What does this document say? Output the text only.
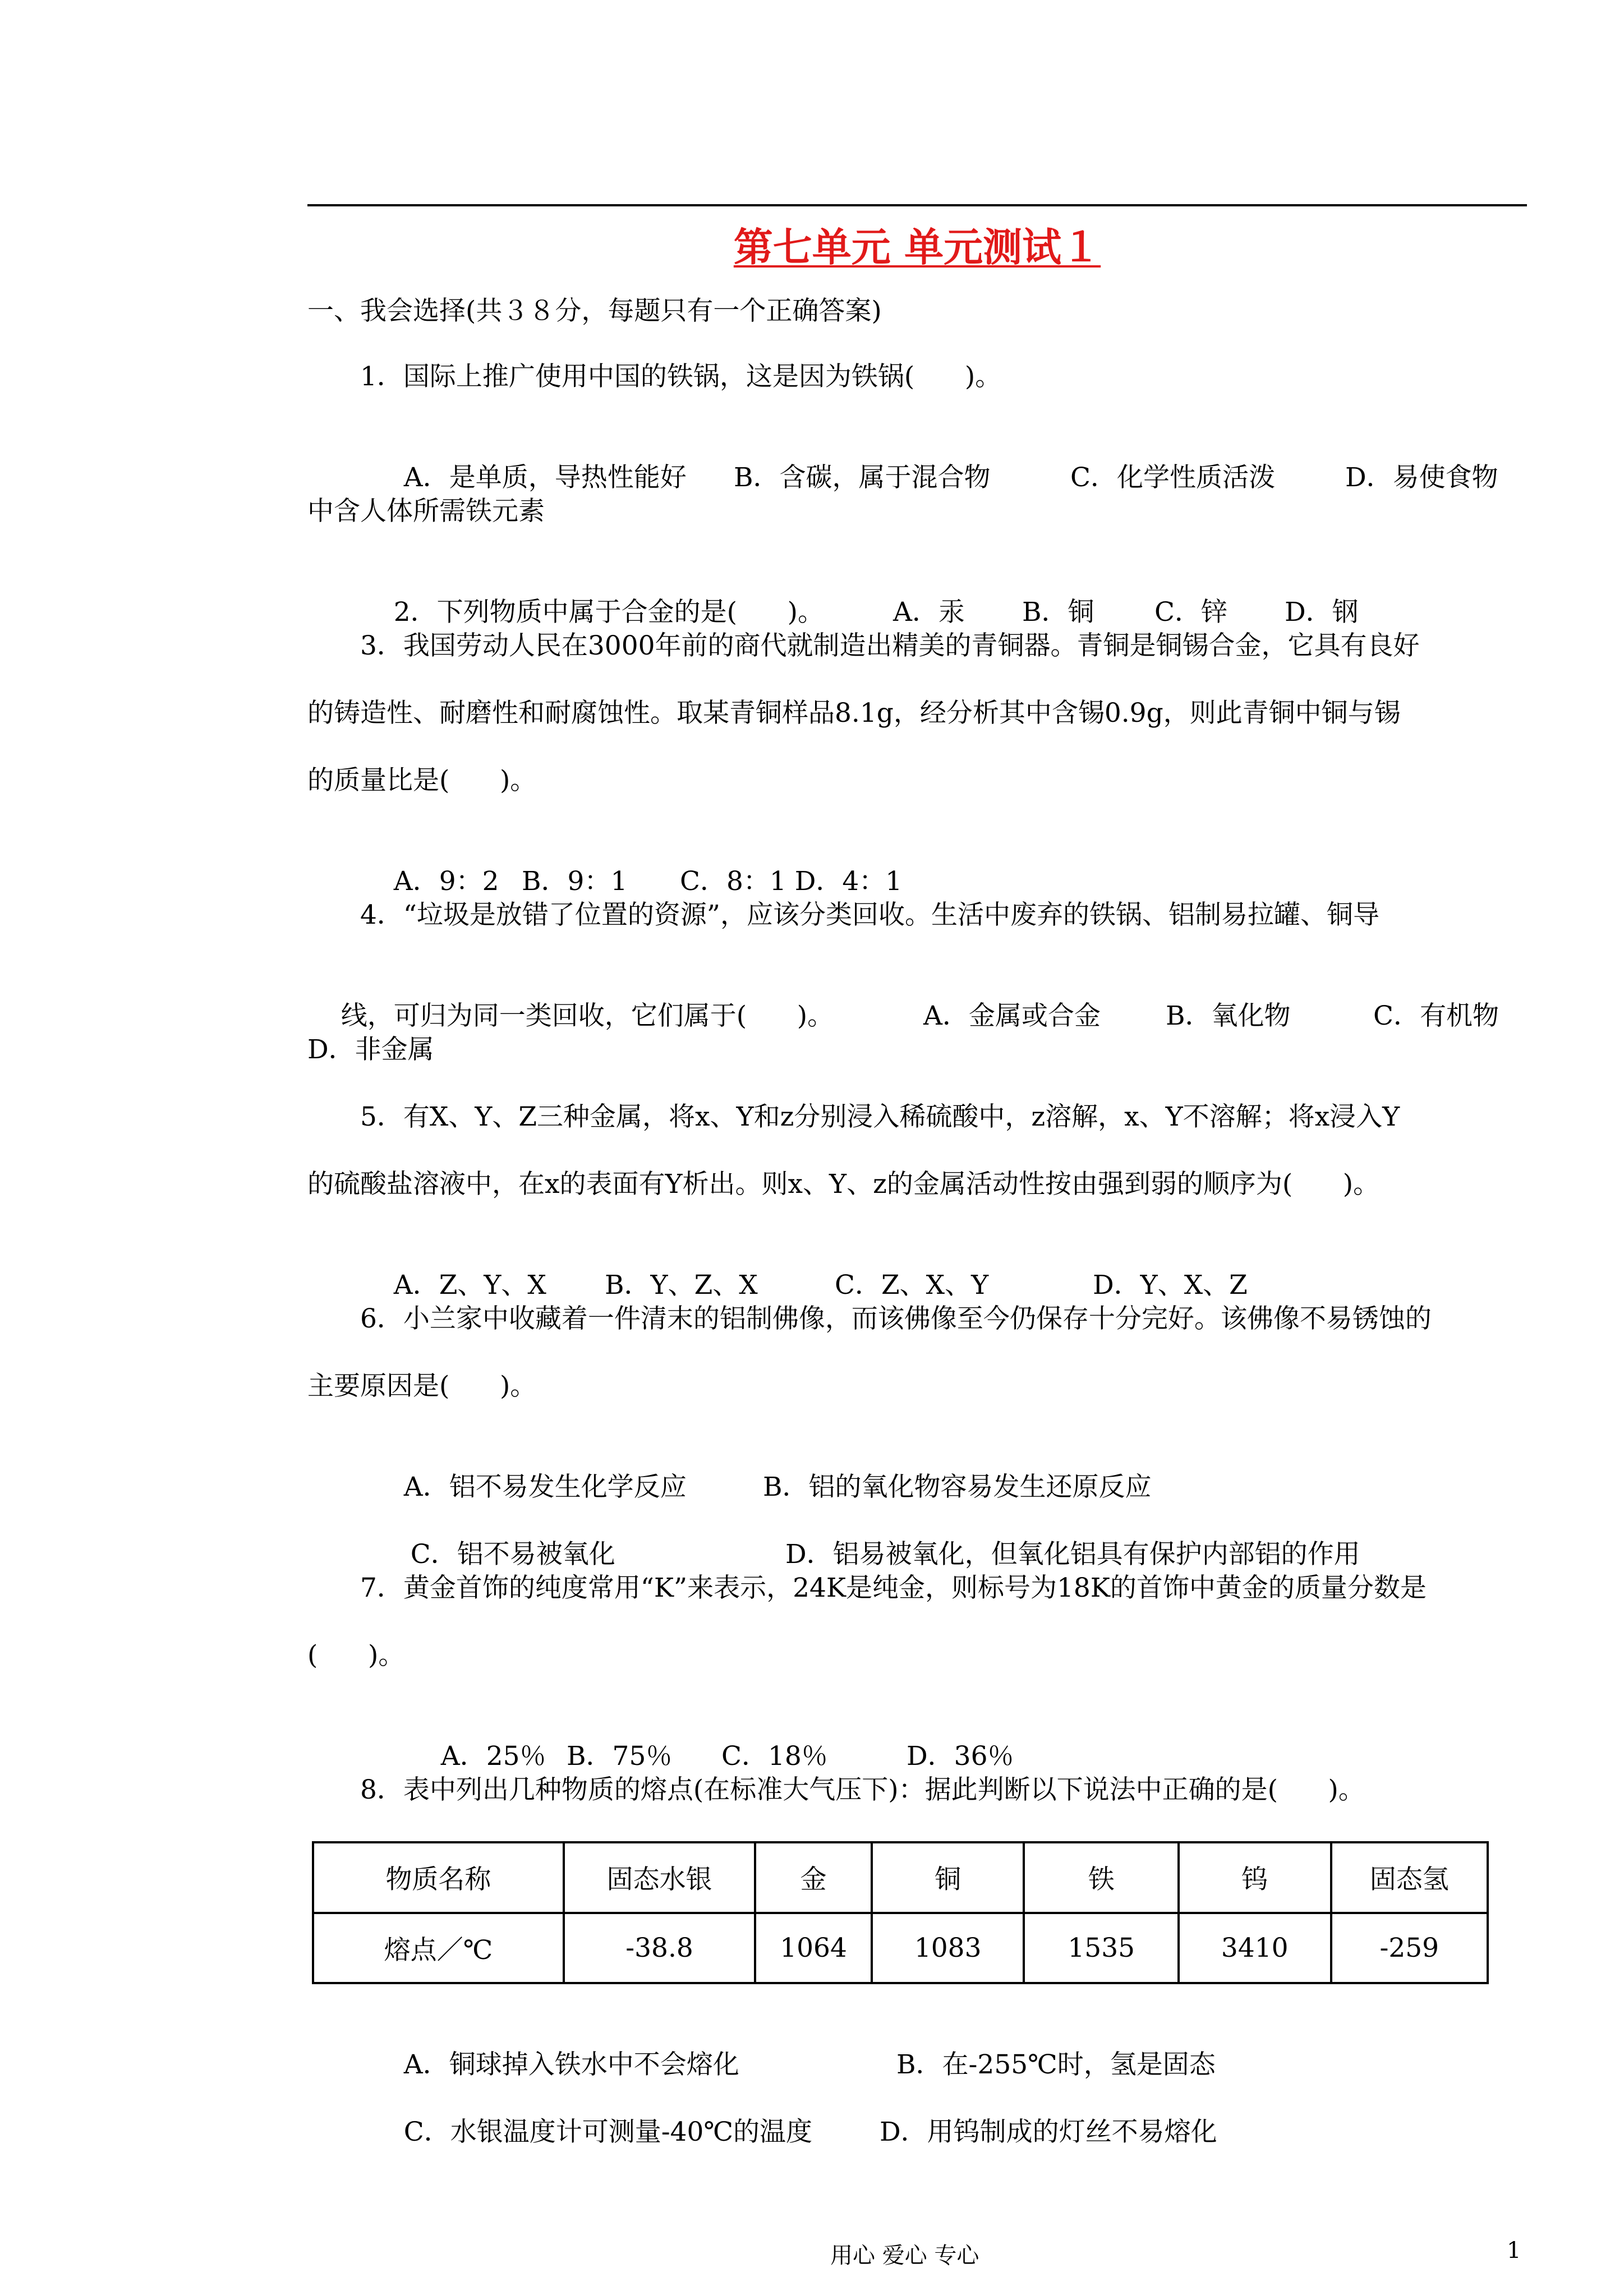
第七单元 单元测试１
一、我会选择(共３８分，每题只有一个正确答案)
1．国际上推广使用中国的铁锅，这是因为铁锅(      )。

A．是单质，导热性能好 B．含碳，属于混合物	C．化学性质活泼	D．易使食物

中含人体所需铁元素

2．下列物质中属于合金的是(      )。	A．汞 B．铜 C．锌 D．钢

3．我国劳动人民在3000年前的商代就制造出精美的青铜器。青铜是铜锡合金，它具有良好
的铸造性、耐磨性和耐腐蚀性。取某青铜样品8.1g，经分析其中含锡0.9g，则此青铜中铜与锡
的质量比是(      )。

A．9：2 B．9：1 C．8：1 D．4：1

4．“垃圾是放错了位置的资源”，应该分类回收。生活中废弃的铁锅、铝制易拉罐、铜导

线，可归为同一类回收，它们属于(      )。	A．金属或合金 B．氧化物	C．有机物

D．非金属
5．有X、Y、Z三种金属，将x、Y和z分别浸入稀硫酸中，z溶解，x、Y不溶解；将x浸入Y
的硫酸盐溶液中，在x的表面有Y析出。则x、Y、z的金属活动性按由强到弱的顺序为(      )。

A．Z、Y、X B．Y、Z、X	C．Z、X、Y	D．Y、X、Z

6．小兰家中收藏着一件清末的铝制佛像，而该佛像至今仍保存十分完好。该佛像不易锈蚀的
主要原因是(      )。

A．铝不易发生化学反应	B．铝的氧化物容易发生还原反应

C．铝不易被氧化	D．铝易被氧化，但氧化铝具有保护内部铝的作用

7．黄金首饰的纯度常用“K”来表示，24K是纯金，则标号为18K的首饰中黄金的质量分数是
(      )。

A．25％ B．75％ C．18％	D．36％

8．表中列出几种物质的熔点(在标准大气压下)：据此判断以下说法中正确的是(      )。
物质名称	固态水银	金	铜	铁	钨	固态氢
熔点／℃	-38.8	1064	1083	1535	3410	-259

A．铜球掉入铁水中不会熔化	B．在-255℃时，氢是固态

C．水银温度计可测量-40℃的温度	D．用钨制成的灯丝不易熔化

用心 爱心 专心	1
